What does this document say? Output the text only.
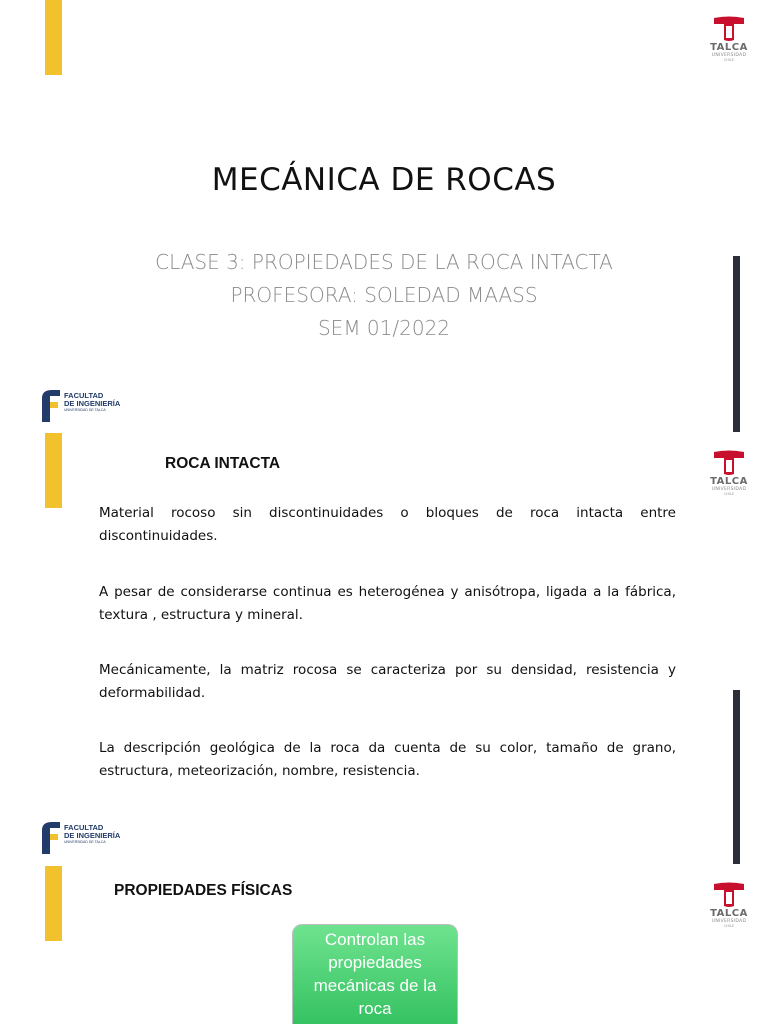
TALCA
UNIVERSIDAD
CHILE
MECÁNICA DE ROCAS
CLASE 3: PROPIEDADES DE LA ROCA INTACTA
PROFESORA: SOLEDAD MAASS
SEM 01/2022
FACULTAD
DE INGENIERÍA
UNIVERSIDAD DE TALCA
TALCA
UNIVERSIDAD
CHILE
ROCA INTACTA
Material rocoso sin discontinuidades o bloques de roca intacta entre discontinuidades.
A pesar de considerarse continua es heterogénea y anisótropa, ligada a la fábrica, textura , estructura y mineral.
Mecánicamente, la matriz rocosa se caracteriza por su densidad, resistencia y deformabilidad.
La descripción geológica de la roca da cuenta de su color, tamaño de grano, estructura, meteorización, nombre, resistencia.
FACULTAD
DE INGENIERÍA
UNIVERSIDAD DE TALCA
TALCA
UNIVERSIDAD
CHILE
PROPIEDADES FÍSICAS
Controlan las propiedades mecánicas de la roca
